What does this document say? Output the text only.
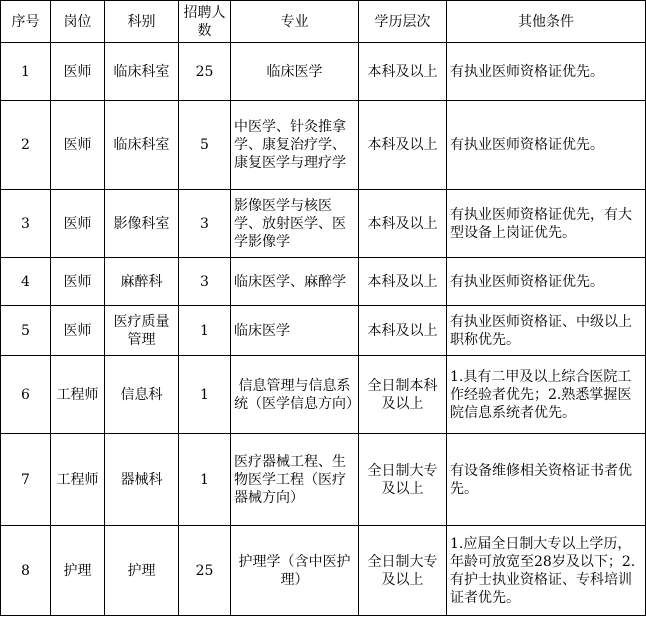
序号	岗位	科别	招聘人数	专业	学历层次	其他条件
1	医师	临床科室	25	临床医学	本科及以上	有执业医师资格证优先。
2	医师	临床科室	5	中医学、针灸推拿学、康复治疗学、康复医学与理疗学	本科及以上	有执业医师资格证优先。
3	医师	影像科室	3	影像医学与核医学、放射医学、医学影像学	本科及以上	有执业医师资格证优先，有大型设备上岗证优先。
4	医师	麻醉科	3	临床医学、麻醉学	本科及以上	有执业医师资格证优先。
5	医师	医疗质量管理	1	临床医学	本科及以上	有执业医师资格证、中级以上职称优先。
6	工程师	信息科	1	信息管理与信息系统（医学信息方向）	全日制本科及以上	1.具有二甲及以上综合医院工作经验者优先；2.熟悉掌握医院信息系统者优先。
7	工程师	器械科	1	医疗器械工程、生物医学工程（医疗器械方向）	全日制大专及以上	有设备维修相关资格证书者优先。
8	护理	护理	25	护理学（含中医护理）	全日制大专及以上	1.应届全日制大专以上学历，年龄可放宽至28岁及以下；2.有护士执业资格证、专科培训证者优先。
